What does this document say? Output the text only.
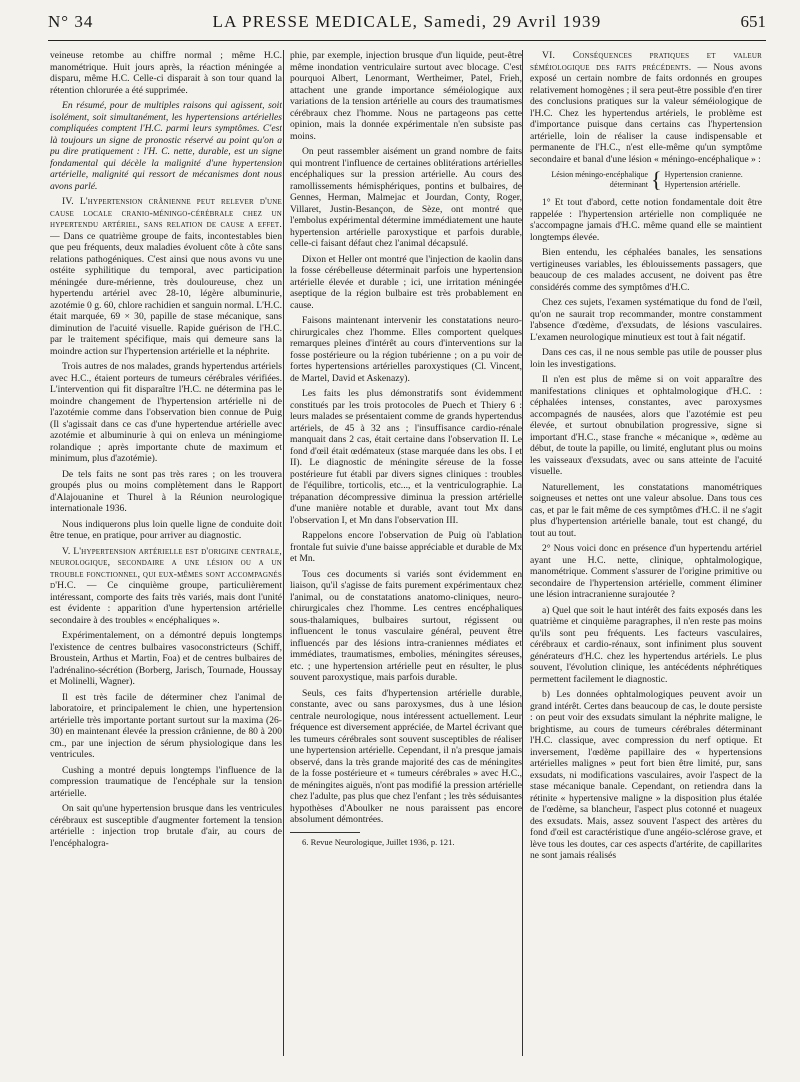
N° 34	LA PRESSE MEDICALE, Samedi, 29 Avril 1939	651

veineuse retombe au chiffre normal ; même H.C. manométrique. Huit jours après, la réaction méningée a disparu, même H.C. Celle-ci disparait à son tour quand la rétention chlorurée a été supprimée.

En résumé, pour de multiples raisons qui agissent, soit isolément, soit simultanément, les hypertensions artérielles compliquées comptent l'H.C. parmi leurs symptômes. C'est là toujours un signe de pronostic réservé au point qu'on a pu dire pratiquement : l'H. C. nette, durable, est un signe fondamental qui décèle la malignité d'une hypertension artérielle, malignité qui ressort de mécanismes dont nous avons parlé.

IV. L'hypertension crânienne peut relever d'une cause locale cranio-méningo-cérébrale chez un hypertendu artériel, sans relation de cause a effet. — Dans ce quatrième groupe de faits, incontestables bien que peu fréquents, deux maladies évoluent côte à côte sans relations pathogéniques. C'est ainsi que nous avons vu une ostéite syphilitique du temporal, avec participation méningée dure-mérienne, très douloureuse, chez un hypertendu artériel avec 28-10, légère albuminurie, azotémie 0 g. 60, chlore rachidien et sanguin normal. L'H.C. était marquée, 69 × 30, papille de stase mécanique, sans diminution de l'acuité visuelle. Rapide guérison de l'H.C. par le traitement spécifique, mais qui demeure sans la moindre action sur l'hypertension artérielle et la néphrite.

Trois autres de nos malades, grands hypertendus artériels avec H.C., étaient porteurs de tumeurs cérébrales vérifiées. L'intervention qui fit disparaître l'H.C. ne détermina pas le moindre changement de l'hypertension artérielle ni de l'azotémie comme dans l'observation bien connue de Puig (Il s'agissait dans ce cas d'une hypertendue artérielle avec azotémie et albuminurie à qui on enleva un méningiome rolandique ; après importante chute de maximum et minimum, plus d'azotémie).

De tels faits ne sont pas très rares ; on les trouvera groupés plus ou moins complètement dans le Rapport d'Alajouanine et Thurel à la Réunion neurologique internationale 1936.

Nous indiquerons plus loin quelle ligne de conduite doit être tenue, en pratique, pour arriver au diagnostic.

V. L'hypertension artérielle est d'origine centrale, neurologique, secondaire a une lésion ou a un trouble fonctionnel, qui eux-mêmes sont accompagnés d'H.C. — Ce cinquième groupe, particulièrement intéressant, comporte des faits très variés, mais dont l'unité est évidente : apparition d'une hypertension artérielle secondaire à des troubles « encéphaliques ».

Expérimentalement, on a démontré depuis longtemps l'existence de centres bulbaires vasoconstricteurs (Schiff, Broustein, Arthus et Martin, Foa) et de centres bulbaires de l'adrénalino-sécrétion (Borberg, Jarisch, Tournade, Houssay et Molinelli, Wagner).

Il est très facile de déterminer chez l'animal de laboratoire, et principalement le chien, une hypertension artérielle très importante portant surtout sur la maxima (26-30) en maintenant élevée la pression crânienne, de 80 à 200 cm., par une injection de sérum physiologique dans les ventricules.

Cushing a montré depuis longtemps l'influence de la compression traumatique de l'encéphale sur la tension artérielle.

On sait qu'une hypertension brusque dans les ventricules cérébraux est susceptible d'augmenter fortement la tension artérielle : injection trop brutale d'air, au cours de l'encéphalogra-

phie, par exemple, injection brusque d'un liquide, peut-être même inondation ventriculaire surtout avec blocage. C'est pourquoi Albert, Lenormant, Wertheimer, Patel, Frieh, attachent une grande importance séméiologique aux variations de la tension artérielle au cours des traumatismes cérébraux chez l'homme. Nous ne partageons pas cette opinion, mais la donnée expérimentale n'en subsiste pas moins.

On peut rassembler aisément un grand nombre de faits qui montrent l'influence de certaines oblitérations artérielles encéphaliques sur la pression artérielle. Au cours des ramollissements hémisphériques, pontins et bulbaires, de Gennes, Herman, Malmejac et Jourdan, Conty, Roger, Villaret, Justin-Besançon, de Sèze, ont montré que l'embolus expérimental détermine immédiatement une haute hypertension artérielle paroxystique et parfois durable, celle-ci faisant défaut chez l'animal décapsulé.

Dixon et Heller ont montré que l'injection de kaolin dans la fosse cérébelleuse déterminait parfois une hypertension artérielle élevée et durable ; ici, une irritation méningée aseptique de la région bulbaire est très probablement en cause.

Faisons maintenant intervenir les constatations neuro-chirurgicales chez l'homme. Elles comportent quelques remarques pleines d'intérêt au cours d'interventions sur la fosse postérieure ou la région tubérienne ; on a pu voir de fortes hypertensions artérielles paroxystiques (Cl. Vincent, de Martel, David et Askenazy).

Les faits les plus démonstratifs sont évidemment constitués par les trois protocoles de Puech et Thiery 6 : leurs malades se présentaient comme de grands hypertendus artériels, de 45 à 32 ans ; l'insuffisance cardio-rénale manquait dans 2 cas, était certaine dans l'observation II. Le fond d'œil était œdémateux (stase marquée dans les obs. I et II). Le diagnostic de méningite séreuse de la fosse postérieure fut établi par divers signes cliniques : troubles de l'équilibre, torticolis, etc..., et la ventriculographie. La trépanation décompressive diminua la pression artérielle d'une manière notable et durable, avant tout Mx dans l'observation I, et Mn dans l'observation III.

Rappelons encore l'observation de Puig où l'ablation frontale fut suivie d'une baisse appréciable et durable de Mx et Mn.

Tous ces documents si variés sont évidemment en liaison, qu'il s'agisse de faits purement expérimentaux chez l'animal, ou de constatations anatomo-cliniques, neuro-chirurgicales chez l'homme. Les centres encéphaliques sous-thalamiques, bulbaires surtout, régissent ou influencent le tonus vasculaire général, peuvent être influencés par des lésions intra-craniennes médiates et immédiates, traumatismes, embolies, méningites séreuses, etc. ; une hypertension artérielle peut en résulter, le plus souvent paroxystique, mais parfois durable.

Seuls, ces faits d'hypertension artérielle durable, constante, avec ou sans paroxysmes, dus à une lésion centrale neurologique, nous intéressent actuellement. Leur fréquence est diversement appréciée, de Martel écrivant que les tumeurs cérébrales sont souvent susceptibles de réaliser une hypertension artérielle. Cependant, il n'a presque jamais observé, dans la très grande majorité des cas de méningites de la fosse postérieure et « tumeurs cérébrales » avec H.C., de méningites aiguës, n'ont pas modifié la pression artérielle chez l'adulte, pas plus que chez l'enfant ; les très séduisantes hypothèses d'Aboulker ne nous paraissent pas encore absolument démontrées.

6. Revue Neurologique, Juillet 1936, p. 121.

VI. Conséquences pratiques et valeur séméiologique des faits précédents. — Nous avons exposé un certain nombre de faits ordonnés en groupes relativement homogènes ; il sera peut-être possible d'en tirer des conclusions pratiques sur la valeur séméiologique de l'H.C. Chez les hypertendus artériels, le problème est d'importance puisque dans certains cas l'hypertension artérielle, loin de réaliser la cause indispensable et permanente de l'H.C., n'est elle-même qu'un symptôme secondaire et banal d'une lésion « méningo-encéphalique » :

Lésion méningo-encéphalique déterminant { Hypertension cranienne.
Hypertension artérielle.

1° Et tout d'abord, cette notion fondamentale doit être rappelée : l'hypertension artérielle non compliquée ne s'accompagne jamais d'H.C. même quand elle se maintient longtemps élevée.

Bien entendu, les céphalées banales, les sensations vertigineuses variables, les éblouissements passagers, que beaucoup de ces malades accusent, ne doivent pas être considérés comme des symptômes d'H.C.

Chez ces sujets, l'examen systématique du fond de l'œil, qu'on ne saurait trop recommander, montre constamment l'absence d'œdème, d'exsudats, de lésions vasculaires. L'examen neurologique minutieux est tout à fait négatif.

Dans ces cas, il ne nous semble pas utile de pousser plus loin les investigations.

Il n'en est plus de même si on voit apparaître des manifestations cliniques et ophtalmologique d'H.C. : céphalées intenses, constantes, avec paroxysmes accompagnés de nausées, alors que l'azotémie est peu élevée, et surtout obnubilation progressive, signe si important d'H.C., stase franche « mécanique », œdème au début, de toute la papille, ou limité, englutant plus ou moins les vaisseaux d'exsudats, avec ou sans atteinte de l'acuité visuelle.

Naturellement, les constatations manométriques soigneuses et nettes ont une valeur absolue. Dans tous ces cas, et par le fait même de ces symptômes d'H.C. il ne s'agit plus d'hypertension artérielle banale, tout est changé, du tout au tout.

2° Nous voici donc en présence d'un hypertendu artériel ayant une H.C. nette, clinique, ophtalmologique, manométrique. Comment s'assurer de l'origine primitive ou secondaire de l'hypertension artérielle, comment éliminer une lésion intracranienne surajoutée ?

a) Quel que soit le haut intérêt des faits exposés dans les quatrième et cinquième paragraphes, il n'en reste pas moins qu'ils sont peu fréquents. Les facteurs vasculaires, cérébraux et cardio-rénaux, sont infiniment plus souvent générateurs d'H.C. chez les hypertendus artériels. Le plus souvent, l'évolution clinique, les antécédents néphrétiques permettent facilement le diagnostic.

b) Les données ophtalmologiques peuvent avoir un grand intérêt. Certes dans beaucoup de cas, le doute persiste : on peut voir des exsudats simulant la néphrite maligne, le brightisme, au cours de tumeurs cérébrales déterminant l'H.C. classique, avec compression du nerf optique. Et inversement, l'œdème papillaire des « hypertensions artérielles malignes » peut fort bien être limité, pur, sans exsudats, ni modifications vasculaires, avoir l'aspect de la stase mécanique banale. Cependant, on retiendra dans la rétinite « hypertensive maligne » la disposition plus étalée de l'œdème, sa blancheur, l'aspect plus cotonné et nuageux des exsudats. Mais, assez souvent l'aspect des artères du fond d'œil est caractéristique d'une angéio-sclérose grave, et lève tous les doutes, car ces aspects d'artérite, de capillarites ne sont jamais réalisés
